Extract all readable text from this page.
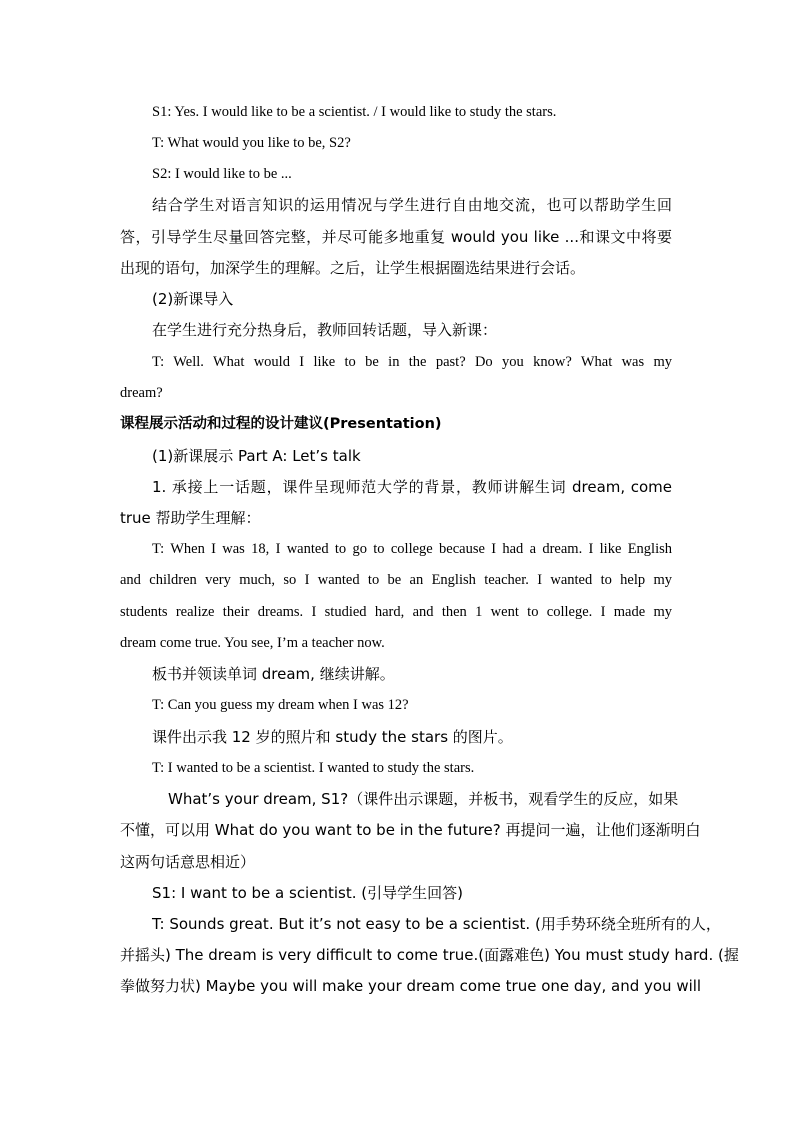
S1: Yes. I would like to be a scientist. / I would like to study the stars.
T: What would you like to be, S2?
S2: I would like to be ...
结合学生对语言知识的运用情况与学生进行自由地交流，也可以帮助学生回
答，引导学生尽量回答完整，并尽可能多地重复 would you like ...和课文中将要
出现的语句，加深学生的理解。之后，让学生根据圈选结果进行会话。
(2)新课导入
在学生进行充分热身后，教师回转话题，导入新课：
T: Well. What would I like to be in the past? Do you know? What was my
dream?
课程展示活动和过程的设计建议(Presentation)
(1)新课展示 Part A: Let’s talk
1. 承接上一话题，课件呈现师范大学的背景，教师讲解生词 dream, come
true 帮助学生理解：
T: When I was 18, I wanted to go to college because I had a dream. I like English
and children very much, so I wanted to be an English teacher. I wanted to help my
students realize their dreams. I studied hard, and then 1 went to college. I made my
dream come true. You see, I’m a teacher now.
板书并领读单词 dream, 继续讲解。
T: Can you guess my dream when I was 12?
课件出示我 12 岁的照片和 study the stars 的图片。
T: I wanted to be a scientist. I wanted to study the stars.
What’s your dream, S1?（课件出示课题，并板书，观看学生的反应，如果
不懂，可以用 What do you want to be in the future? 再提问一遍，让他们逐渐明白
这两句话意思相近）
S1: I want to be a scientist. (引导学生回答)
T: Sounds great. But it’s not easy to be a scientist. (用手势环绕全班所有的人，
并摇头) The dream is very difficult to come true.(面露难色) You must study hard. (握
拳做努力状) Maybe you will make your dream come true one day, and you will
